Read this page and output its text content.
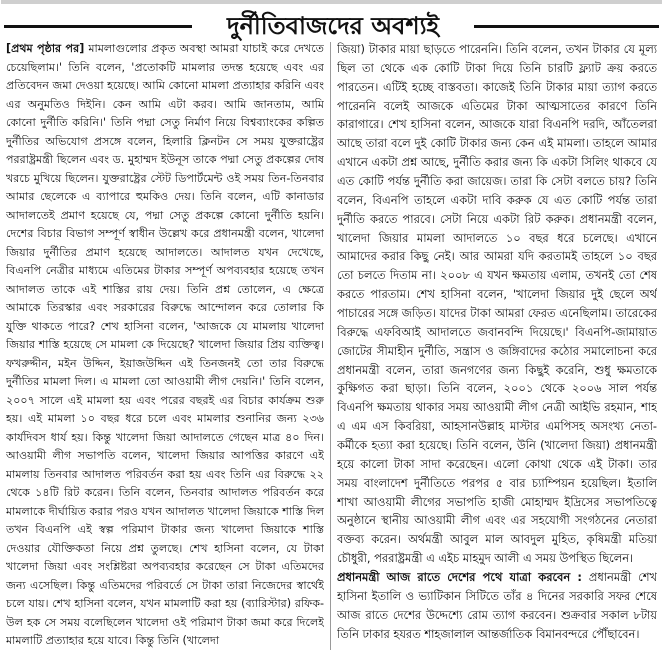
দুর্নীতিবাজদের অবশ্যই

[প্রথম পৃষ্ঠার পর] মামলাগুলোর প্রকৃত অবস্থা আমরা যাচাই করে দেখতে চেয়েছিলাম।' তিনি বলেন, 'প্রতোকটি মামলার তদন্ত হয়েছে এবং এর প্রতিবেদন জমা দেওয়া হয়েছে। আমি কোনো মামলা প্রত্যাহার করিনি এবং এর অনুমতিও দিইনি। কেন আমি এটা করব। আমি জানতাম, আমি কোনো দুর্নীতি করিনি।' তিনি পদ্মা সেতু নির্মাণ নিয়ে বিশ্বব্যাংকের কল্পিত দুর্নীতির অভিযোগ প্রসঙ্গে বলেন, হিলারি ক্লিনটন সে সময় যুক্তরাষ্ট্রের পররাষ্ট্রমন্ত্রী ছিলেন এবং ড. মুহাম্মদ ইউনূস তাকে পদ্মা সেতু প্রকল্পের দোষ খরচে মুখিয়ে ছিলেন। যুক্তরাষ্ট্রের স্টেট ডিপার্টমেন্ট ওই সময় তিন-তিনবার আমার ছেলেকে এ ব্যাপারে হুমকিও দেয়। তিনি বলেন, এটি কানাডার আদালতেই প্রমাণ হয়েছে যে, পদ্মা সেতু প্রকল্পে কোনো দুর্নীতি হয়নি। দেশের বিচার বিভাগ সম্পূর্ণ স্বাধীন উল্লেখ করে প্রধানমন্ত্রী বলেন, খালেদা জিয়ার দুর্নীতির প্রমাণ হয়েছে আদালতে। আদালত যখন দেখেছে, বিএনপি নেত্রীর মাধ্যমে এতিমের টাকার সম্পূর্ণ অপব্যবহার হয়েছে তখন আদালত তাকে এই শাস্তির রায় দেয়। তিনি প্রশ্ন তোলেন, এ ক্ষেত্রে আমাকে তিরস্কার এবং সরকারের বিরুদ্ধে আন্দোলন করে তোলার কি যুক্তি থাকতে পারে? শেখ হাসিনা বলেন, 'আজকে যে মামলায় খালেদা জিয়ার শাস্তি হয়েছে সে মামলা কে দিয়েছে? খালেদা জিয়ার প্রিয় ব্যক্তিত্ব। ফখরুদ্দীন, মইন উদ্দিন, ইয়াজউদ্দিন এই তিনজনই তো তার বিরুদ্ধে দুর্নীতির মামলা দিল। এ মামলা তো আওয়ামী লীগ দেয়নি।' তিনি বলেন, ২০০৭ সালে এই মামলা হয় এবং পরের বছরই এর বিচার কার্যক্রম শুরু হয়। এই মামলা ১০ বছর ধরে চলে এবং মামলার শুনানির জন্য ২৩৬ কার্যদিবস ধার্য হয়। কিন্তু খালেদা জিয়া আদালতে গেছেন মাত্র ৪০ দিন। আওয়ামী লীগ সভাপতি বলেন, খালেদা জিয়ার আপত্তির কারণে এই মামলায় তিনবার আদালত পরিবর্তন করা হয় এবং তিনি এর বিরুদ্ধে ২২ থেকে ১৪টি রিট করেন। তিনি বলেন, তিনবার আদালত পরিবর্তন করে মামলাকে দীর্ঘায়িত করার পরও যখন আদালত খালেদা জিয়াকে শাস্তি দিল তখন বিএনপি এই স্বল্প পরিমাণ টাকার জন্য খালেদা জিয়াকে শাস্তি দেওয়ার যৌক্তিকতা নিয়ে প্রশ্ন তুলছে। শেখ হাসিনা বলেন, যে টাকা খালেদা জিয়া এবং সংশ্লিষ্টরা অপব্যবহার করেছেন সে টাকা এতিমদের জন্য এসেছিল। কিন্তু এতিমদের পরিবর্তে সে টাকা তারা নিজেদের স্বার্থেই চলে যায়। শেখ হাসিনা বলেন, যখন মামলাটি করা হয় (ব্যারিস্টার) রফিক-উল হক সে সময় বলেছিলেন খালেদা ওই পরিমাণ টাকা জমা করে দিলেই মামলাটি প্রত্যাহার হয়ে যাবে। কিন্তু তিনি (খালেদা

জিয়া) টাকার মায়া ছাড়তে পারেননি। তিনি বলেন, তখন টাকার যে মূল্য ছিল তা থেকে এক কোটি টাকা দিয়ে তিনি চারটি ফ্ল্যাট ক্রয় করতে পারতেন। এটিই হচ্ছে বাস্তবতা। কাজেই তিনি টাকার মায়া ত্যাগ করতে পারেননি বলেই আজকে এতিমের টাকা আত্মসাতের কারণে তিনি কারাগারে। শেখ হাসিনা বলেন, আজকে যারা বিএনপি দরদি, আঁতেলরা আছে তারা বলে দুই কোটি টাকার জন্য কেন এই মামলা। তাহলে আমার এখানে একটা প্রশ্ন আছে, দুর্নীতি করার জন্য কি একটা সিলিং থাকবে যে এত কোটি পর্যন্ত দুর্নীতি করা জায়েজ। তারা কি সেটা বলতে চায়? তিনি বলেন, বিএনপি তাহলে একটা দাবি করুক যে এত কোটি পর্যন্ত তারা দুর্নীতি করতে পারবে। সেটা নিয়ে একটা রিট করুক। প্রধানমন্ত্রী বলেন, খালেদা জিয়ার মামলা আদালতে ১০ বছর ধরে চলেছে। এখানে আমাদের করার কিছু নেই। আর আমরা যদি করতামই তাহলে ১০ বছর তো চলতে দিতাম না। ২০০৮ এ যখন ক্ষমতায় এলাম, তখনই তো শেষ করতে পারতাম। শেখ হাসিনা বলেন, 'খালেদা জিয়ার দুই ছেলে অর্থ পাচারের সঙ্গে জড়িত। যাদের টাকা আমরা ফেরত এনেছিলাম। তারেকের বিরুদ্ধে এফবিআই আদালতে জবানবন্দি দিয়েছে।' বিএনপি-জামায়াত জোটের সীমাহীন দুর্নীতি, সন্ত্রাস ও জঙ্গিবাদের কঠোর সমালোচনা করে প্রধানমন্ত্রী বলেন, তারা জনগণের জন্য কিছুই করেনি, শুধু ক্ষমতাকে কুক্ষিগত করা ছাড়া। তিনি বলেন, ২০০১ থেকে ২০০৬ সাল পর্যন্ত বিএনপি ক্ষমতায় থাকার সময় আওয়ামী লীগ নেত্রী আইভি রহমান, শাহ এ এম এস কিবরিয়া, আহসানউল্লাহ মাস্টার এমপিসহ অসংখ্য নেতা-কর্মীকে হত্যা করা হয়েছে। তিনি বলেন, উনি (খালেদা জিয়া) প্রধানমন্ত্রী হয়ে কালো টাকা সাদা করেছেন। এলো কোথা থেকে এই টাকা। তার সময় বাংলাদেশ দুর্নীতিতে পরপর ৫ বার চ্যাম্পিয়ন হয়েছিল। ইতালি শাখা আওয়ামী লীগের সভাপতি হাজী মোহাম্মদ ইদ্রিসের সভাপতিত্বে অনুষ্ঠানে স্থানীয় আওয়ামী লীগ এবং এর সহযোগী সংগঠনের নেতারা বক্তব্য করেন। অর্থমন্ত্রী আবুল মাল আবদুল মুহিত, কৃষিমন্ত্রী মতিয়া চৌধুরী, পররাষ্ট্রমন্ত্রী এ এইচ মাহমুদ আলী এ সময় উপস্থিত ছিলেন।

প্রধানমন্ত্রী আজ রাতে দেশের পথে যাত্রা করবেন : প্রধানমন্ত্রী শেখ হাসিনা ইতালি ও ভ্যাটিকান সিটিতে তাঁর ৪ দিনের সরকারি সফর শেষে আজ রাতে দেশের উদ্দেশ্যে রোম ত্যাগ করবেন। শুক্রবার সকাল ৮টায় তিনি ঢাকার হযরত শাহজালাল আন্তর্জাতিক বিমানবন্দরে পৌঁছাবেন।
